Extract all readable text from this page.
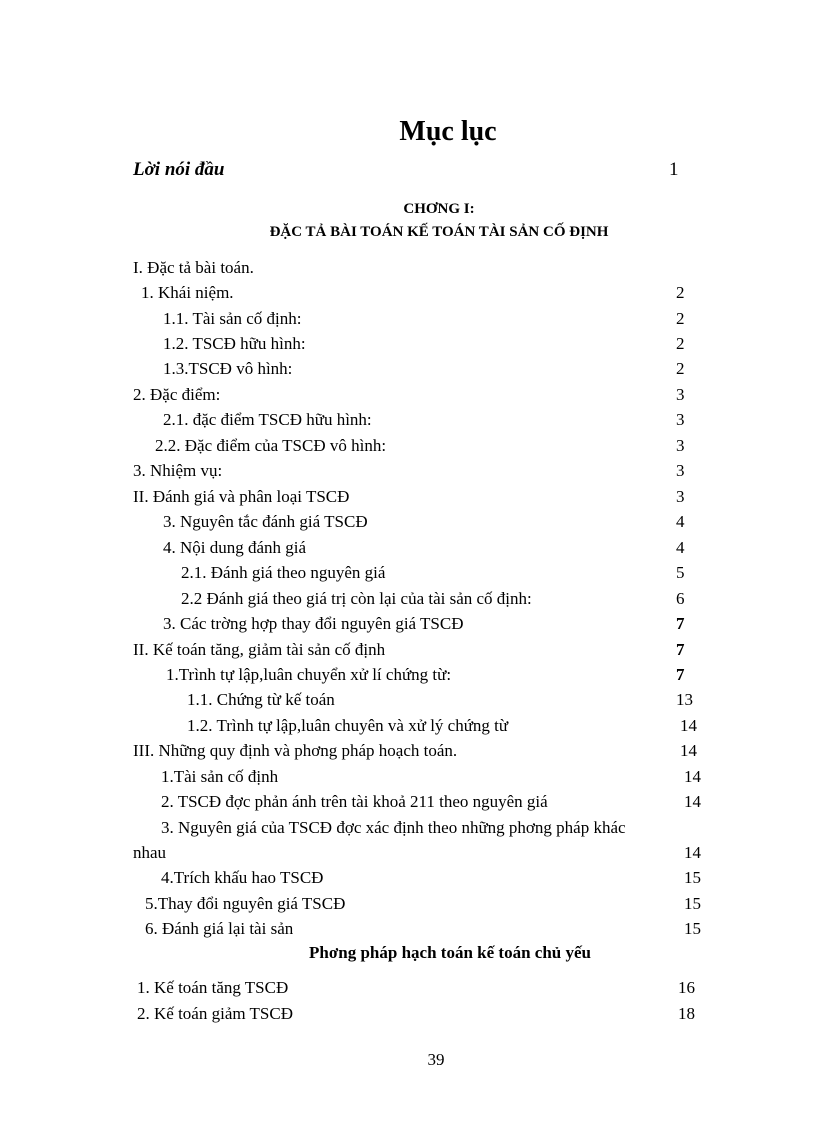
Mục lục
Lời nói đầu	1
CHƠNG I:
ĐẶC TẢ BÀI TOÁN KẾ TOÁN TÀI SẢN CỐ ĐỊNH
I. Đặc tả bài toán.
1. Khái niệm.	2
1.1. Tài sản cố định:	2
1.2. TSCĐ hữu hình:	2
1.3.TSCĐ vô hình:	2
2. Đặc điểm:	3
2.1. đặc điểm TSCĐ hữu hình:	3
2.2. Đặc điểm của TSCĐ vô hình:	3
3. Nhiệm vụ:	3
II. Đánh giá và phân loại TSCĐ	3
3. Nguyên tắc đánh giá TSCĐ	4
4. Nội dung đánh giá	4
2.1. Đánh giá theo nguyên giá	5
2.2 Đánh giá theo giá trị còn lại của tài sản cố định:	6
3. Các trờng hợp thay đổi nguyên giá TSCĐ	7
II. Kế toán tăng, giảm tài sản cố định	7
1.Trình tự lập,luân chuyển xử lí chứng từ:	7
1.1. Chứng từ kế toán	13
1.2. Trình tự lập,luân chuyên và xử lý chứng từ	14
III. Những quy định và phơng pháp hoạch toán.	14
1.Tài sản cố định	14
2. TSCĐ đợc phản ánh trên tài khoả 211 theo nguyên giá	14
3. Nguyên giá của TSCĐ đợc xác định theo những phơng pháp khác
nhau	14
4.Trích khấu hao TSCĐ	15
5.Thay đổi nguyên giá TSCĐ	15
6. Đánh giá lại tài sản	15
Phơng pháp hạch toán kế toán chủ yếu
1. Kế toán tăng TSCĐ	16
2. Kế toán giảm TSCĐ	18
39
